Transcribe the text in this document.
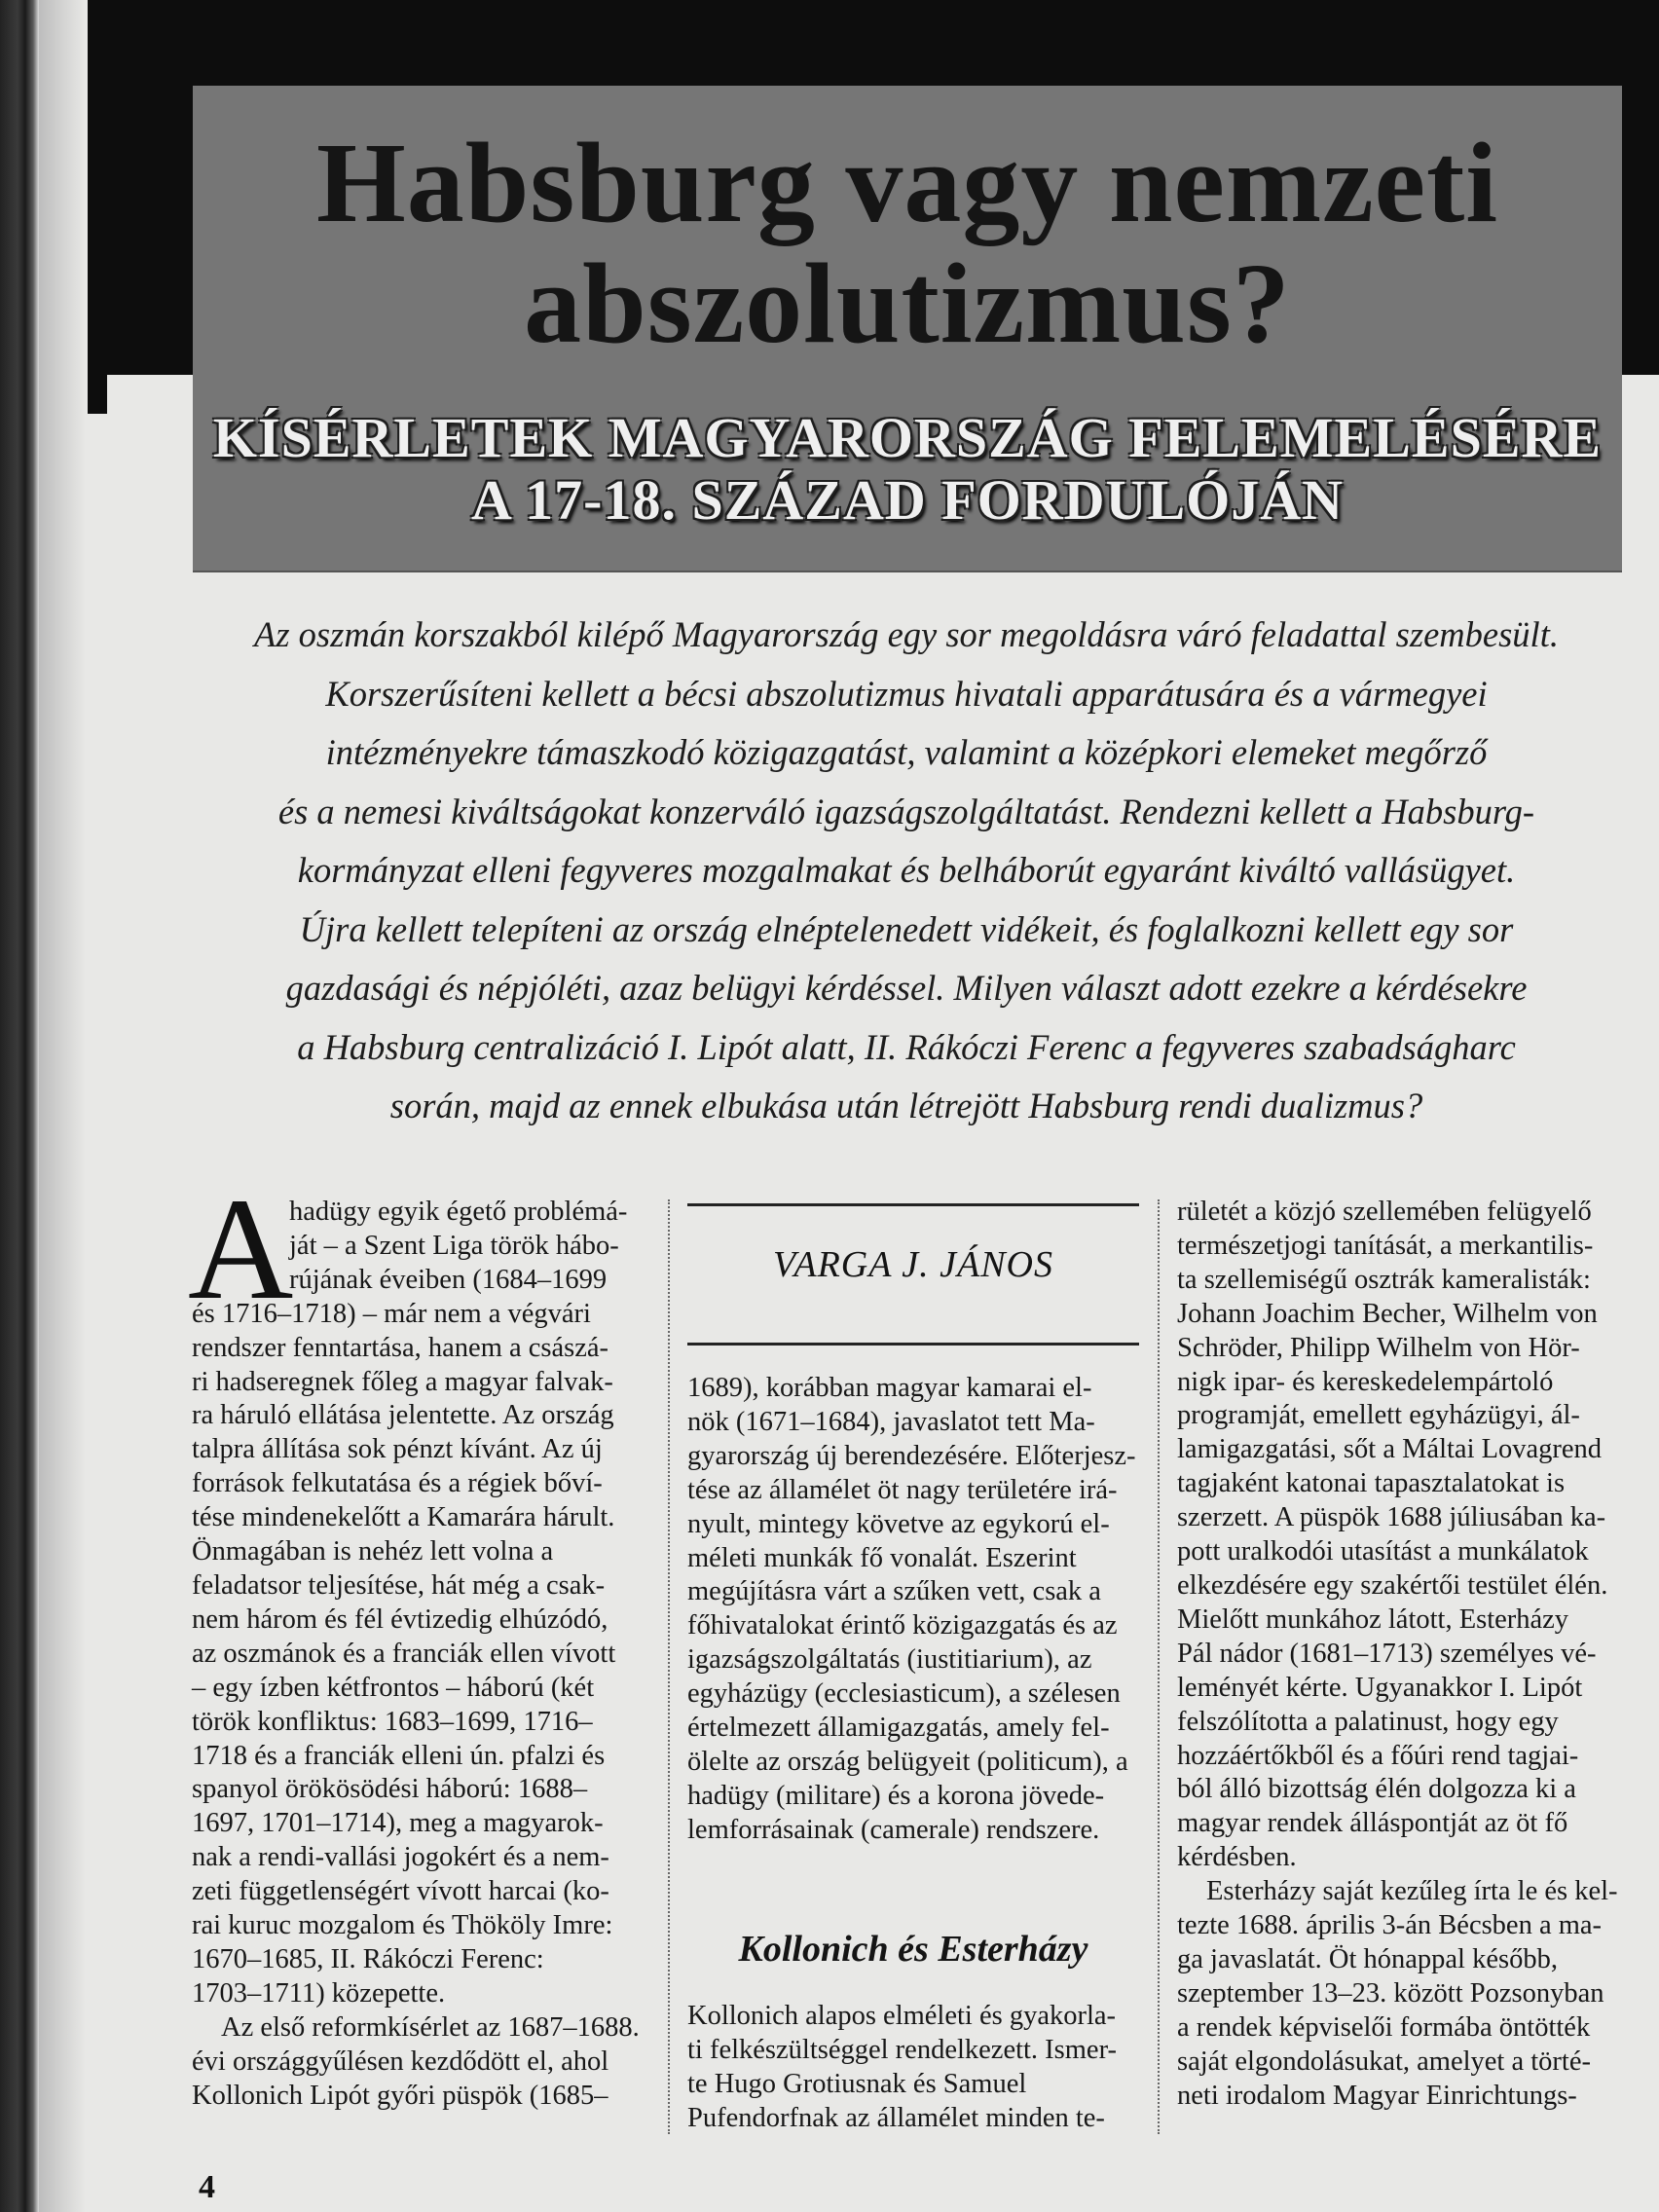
Habsburg vagy nemzeti
abszolutizmus?
KÍSÉRLETEK MAGYARORSZÁG FELEMELÉSÉRE
A 17-18. SZÁZAD FORDULÓJÁN

Az oszmán korszakból kilépő Magyarország egy sor megoldásra váró feladattal szembesült.

Korszerűsíteni kellett a bécsi abszolutizmus hivatali apparátusára és a vármegyei

intézményekre támaszkodó közigazgatást, valamint a középkori elemeket megőrző

és a nemesi kiváltságokat konzerváló igazságszolgáltatást. Rendezni kellett a Habsburg-

kormányzat elleni fegyveres mozgalmakat és belháborút egyaránt kiváltó vallásügyet.

Újra kellett telepíteni az ország elnéptelenedett vidékeit, és foglalkozni kellett egy sor

gazdasági és népjóléti, azaz belügyi kérdéssel. Milyen választ adott ezekre a kérdésekre

a Habsburg centralizáció I. Lipót alatt, II. Rákóczi Ferenc a fegyveres szabadságharc

során, majd az ennek elbukása után létrejött Habsburg rendi dualizmus?

A

hadügy egyik égető problémá-

ját – a Szent Liga török hábo-

rújának éveiben (1684–1699

és 1716–1718) – már nem a végvári

rendszer fenntartása, hanem a császá-

ri hadseregnek főleg a magyar falvak-

ra háruló ellátása jelentette. Az ország

talpra állítása sok pénzt kívánt. Az új

források felkutatása és a régiek bőví-

tése mindenekelőtt a Kamarára hárult.

Önmagában is nehéz lett volna a

feladatsor teljesítése, hát még a csak-

nem három és fél évtizedig elhúzódó,

az oszmánok és a franciák ellen vívott

– egy ízben kétfrontos – háború (két

török konfliktus: 1683–1699, 1716–

1718 és a franciák elleni ún. pfalzi és

spanyol örökösödési háború: 1688–

1697, 1701–1714), meg a magyarok-

nak a rendi-vallási jogokért és a nem-

zeti függetlenségért vívott harcai (ko-

rai kuruc mozgalom és Thököly Imre:

1670–1685, II. Rákóczi Ferenc:

1703–1711) közepette.

Az első reformkísérlet az 1687–1688.

évi országgyűlésen kezdődött el, ahol

Kollonich Lipót győri püspök (1685–

VARGA J. JÁNOS

1689), korábban magyar kamarai el-

nök (1671–1684), javaslatot tett Ma-

gyarország új berendezésére. Előterjesz-

tése az államélet öt nagy területére irá-

nyult, mintegy követve az egykorú el-

méleti munkák fő vonalát. Eszerint

megújításra várt a szűken vett, csak a

főhivatalokat érintő közigazgatás és az

igazságszolgáltatás (iustitiarium), az

egyházügy (ecclesiasticum), a szélesen

értelmezett államigazgatás, amely fel-

ölelte az ország belügyeit (politicum), a

hadügy (militare) és a korona jövede-

lemforrásainak (camerale) rendszere.

Kollonich és Esterházy

Kollonich alapos elméleti és gyakorla-

ti felkészültséggel rendelkezett. Ismer-

te Hugo Grotiusnak és Samuel

Pufendorfnak az államélet minden te-

rületét a közjó szellemében felügyelő

természetjogi tanítását, a merkantilis-

ta szellemiségű osztrák kameralisták:

Johann Joachim Becher, Wilhelm von

Schröder, Philipp Wilhelm von Hör-

nigk ipar- és kereskedelempártoló

programját, emellett egyházügyi, ál-

lamigazgatási, sőt a Máltai Lovagrend

tagjaként katonai tapasztalatokat is

szerzett. A püspök 1688 júliusában ka-

pott uralkodói utasítást a munkálatok

elkezdésére egy szakértői testület élén.

Mielőtt munkához látott, Esterházy

Pál nádor (1681–1713) személyes vé-

leményét kérte. Ugyanakkor I. Lipót

felszólította a palatinust, hogy egy

hozzáértőkből és a főúri rend tagjai-

ból álló bizottság élén dolgozza ki a

magyar rendek álláspontját az öt fő

kérdésben.

Esterházy saját kezűleg írta le és kel-

tezte 1688. április 3-án Bécsben a ma-

ga javaslatát. Öt hónappal később,

szeptember 13–23. között Pozsonyban

a rendek képviselői formába öntötték

saját elgondolásukat, amelyet a törté-

neti irodalom Magyar Einrichtungs-

4
